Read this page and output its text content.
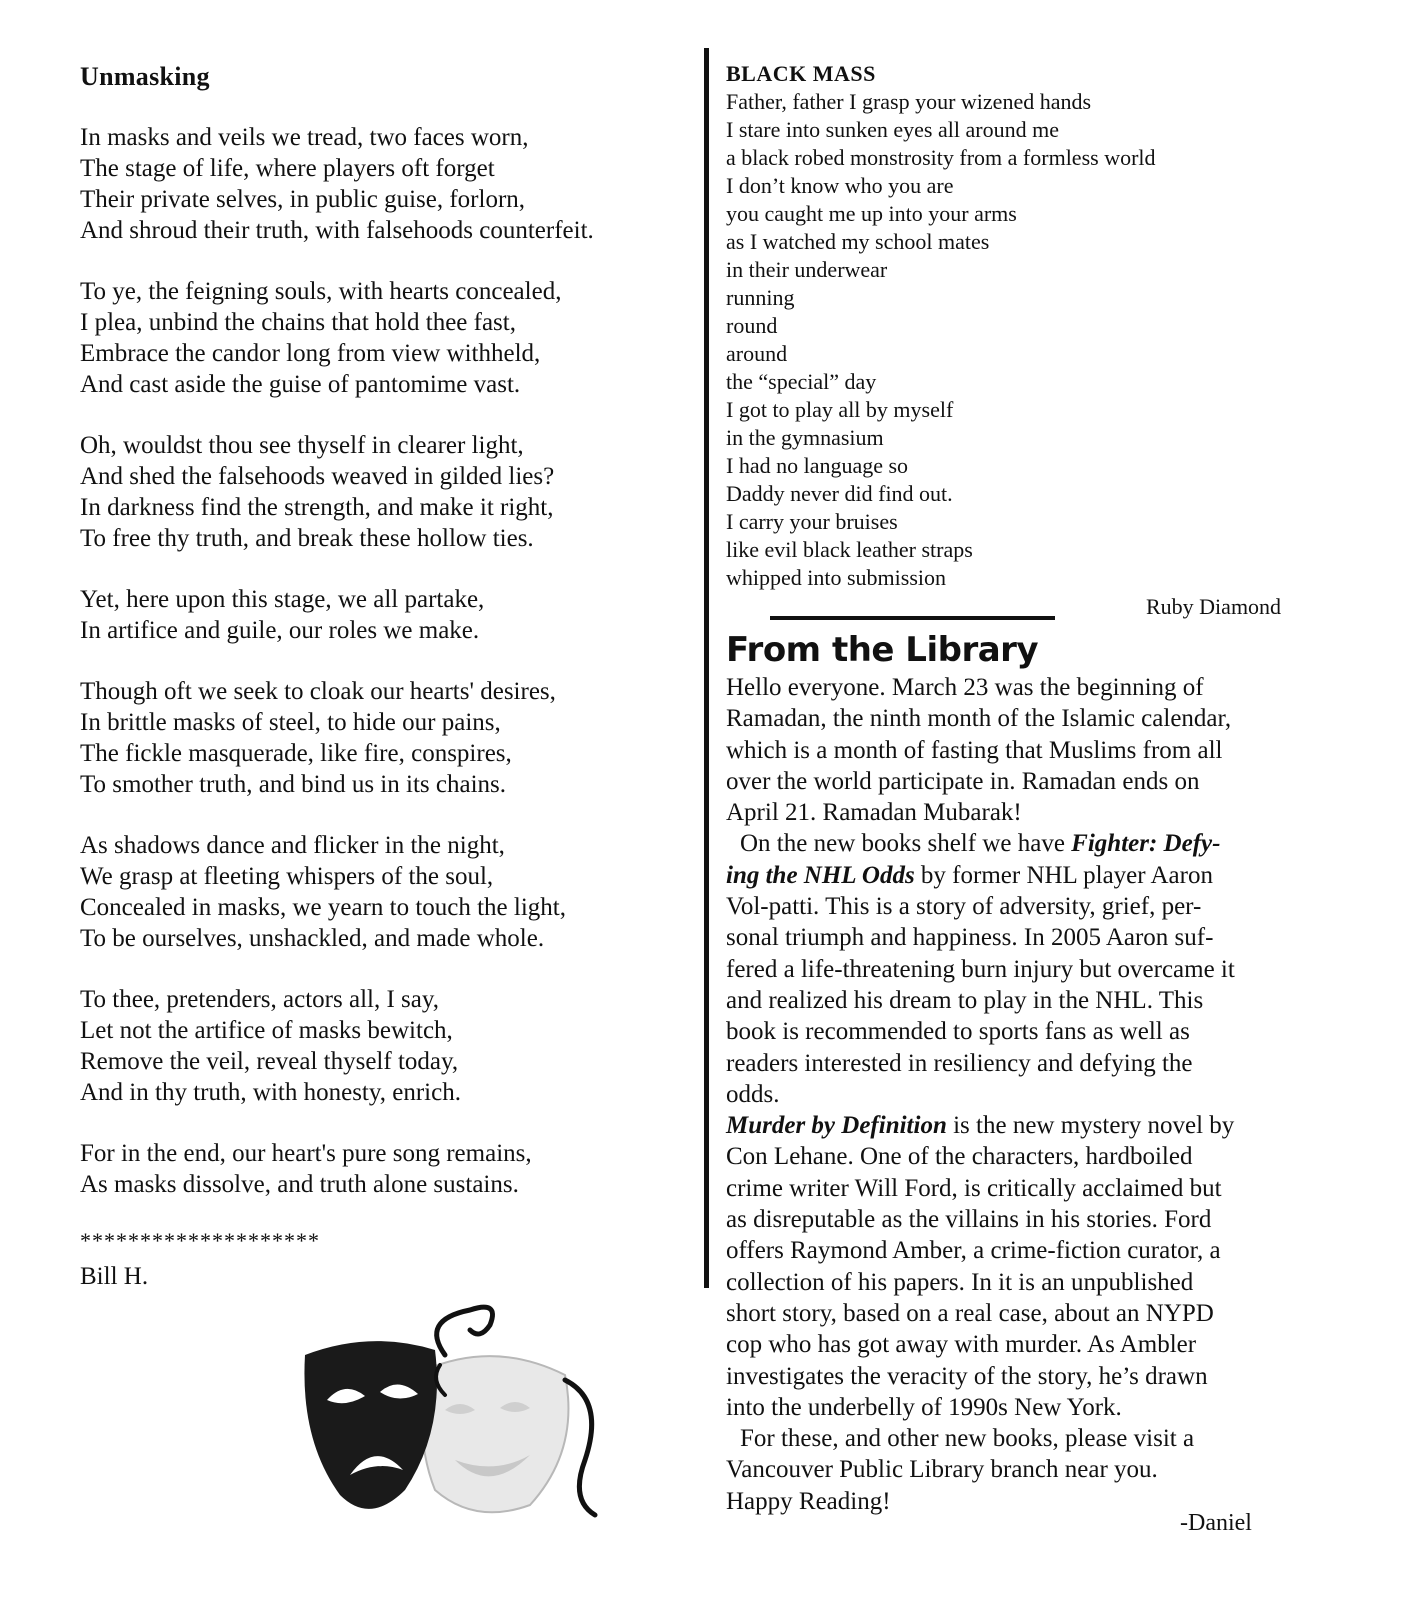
Unmasking
In masks and veils we tread, two faces worn,
The stage of life, where players oft forget
Their private selves, in public guise, forlorn,
And shroud their truth, with falsehoods counterfeit.
To ye, the feigning souls, with hearts concealed,
I plea, unbind the chains that hold thee fast,
Embrace the candor long from view withheld,
And cast aside the guise of pantomime vast.
Oh, wouldst thou see thyself in clearer light,
And shed the falsehoods weaved in gilded lies?
In darkness find the strength, and make it right,
To free thy truth, and break these hollow ties.
Yet, here upon this stage, we all partake,
In artifice and guile, our roles we make.
Though oft we seek to cloak our hearts' desires,
In brittle masks of steel, to hide our pains,
The fickle masquerade, like fire, conspires,
To smother truth, and bind us in its chains.
As shadows dance and flicker in the night,
We grasp at fleeting whispers of the soul,
Concealed in masks, we yearn to touch the light,
To be ourselves, unshackled, and made whole.
To thee, pretenders, actors all, I say,
Let not the artifice of masks bewitch,
Remove the veil, reveal thyself today,
And in thy truth, with honesty, enrich.
For in the end, our heart's pure song remains,
As masks dissolve, and truth alone sustains.
********************
Bill H.
BLACK MASS
Father, father I grasp your wizened hands
I stare into sunken eyes all around me
a black robed monstrosity from a formless world
I don’t know who you are
you caught me up into your arms
as I watched my school mates
in their underwear
running
round
around
the “special” day
I got to play all by myself
in the gymnasium
I had no language so
Daddy never did find out.
I carry your bruises
like evil black leather straps
whipped into submission
Ruby Diamond
From the Library
Hello everyone. March 23 was the beginning of
Ramadan, the ninth month of the Islamic calendar,
which is a month of fasting that Muslims from all
over the world participate in. Ramadan ends on
April 21. Ramadan Mubarak!
On the new books shelf we have Fighter: Defy-
ing the NHL Odds by former NHL player Aaron
Vol-patti. This is a story of adversity, grief, per-
sonal triumph and happiness. In 2005 Aaron suf-
fered a life-threatening burn injury but overcame it
and realized his dream to play in the NHL. This
book is recommended to sports fans as well as
readers interested in resiliency and defying the
odds.
Murder by Definition is the new mystery novel by
Con Lehane. One of the characters, hardboiled
crime writer Will Ford, is critically acclaimed but
as disreputable as the villains in his stories. Ford
offers Raymond Amber, a crime-fiction curator, a
collection of his papers. In it is an unpublished
short story, based on a real case, about an NYPD
cop who has got away with murder. As Ambler
investigates the veracity of the story, he’s drawn
into the underbelly of 1990s New York.
For these, and other new books, please visit a
Vancouver Public Library branch near you.
Happy Reading!
-Daniel
